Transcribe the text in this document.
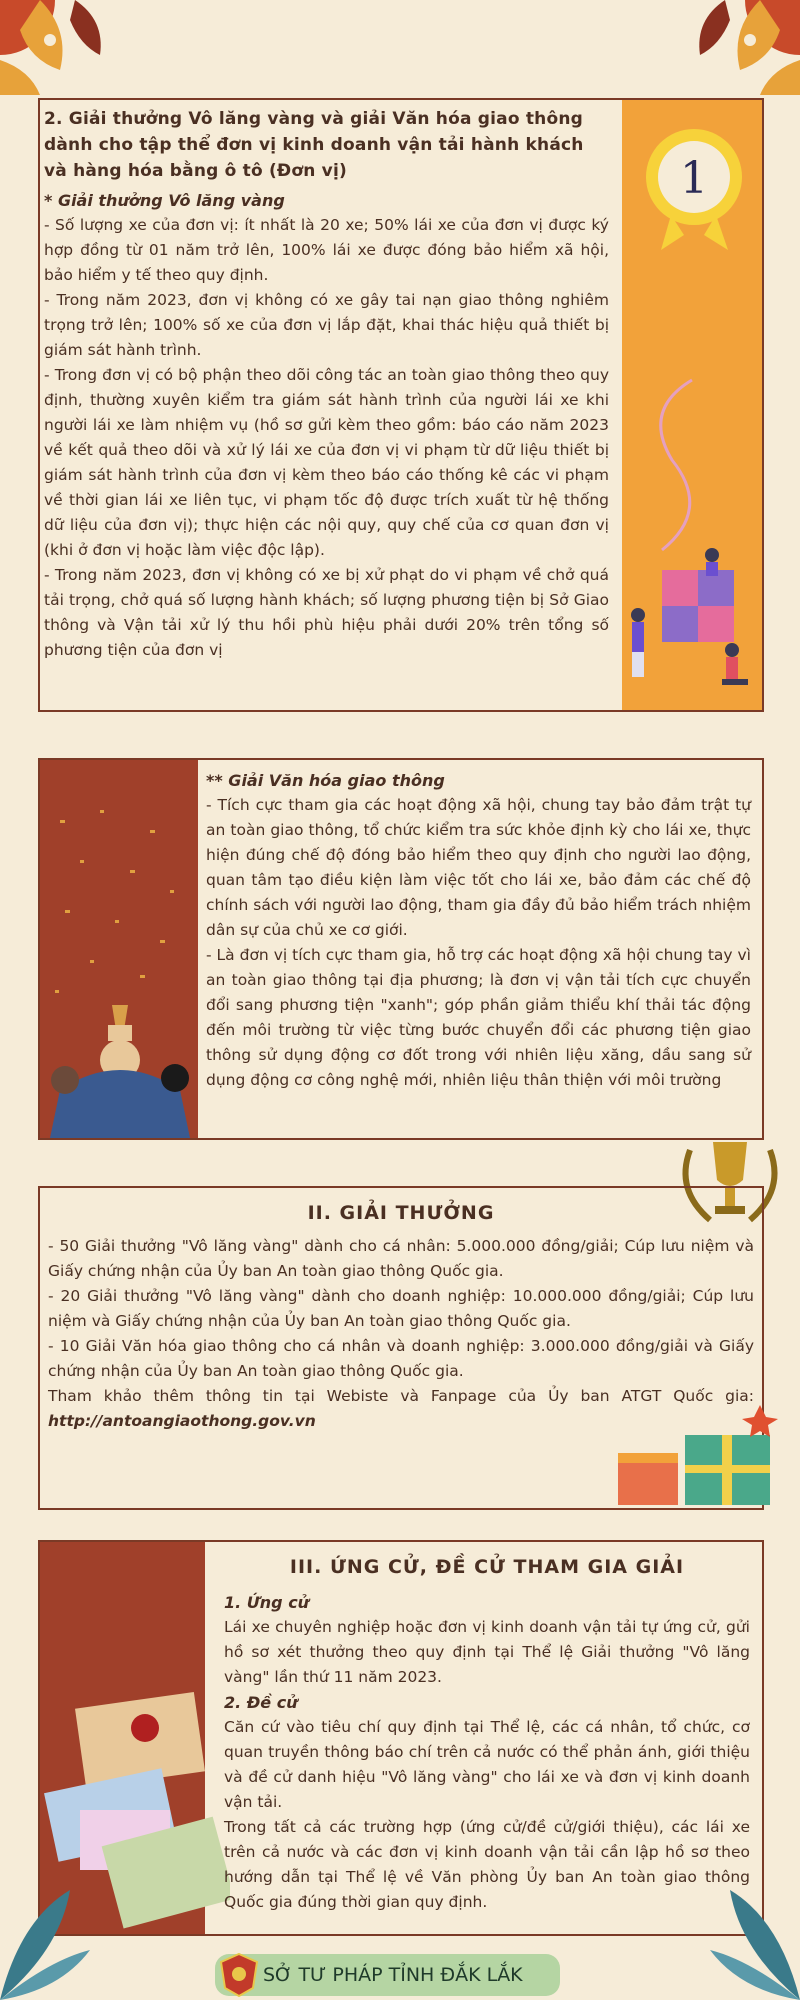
1
2. Giải thưởng Vô lăng vàng và giải Văn hóa giao thông dành cho tập thể đơn vị kinh doanh vận tải hành khách và hàng hóa bằng ô tô (Đơn vị)

* Giải thưởng Vô lăng vàng

- Số lượng xe của đơn vị: ít nhất là 20 xe; 50% lái xe của đơn vị được ký hợp đồng từ 01 năm trở lên, 100% lái xe được đóng bảo hiểm xã hội, bảo hiểm y tế theo quy định.

- Trong năm 2023, đơn vị không có xe gây tai nạn giao thông nghiêm trọng trở lên; 100% số xe của đơn vị lắp đặt, khai thác hiệu quả thiết bị giám sát hành trình.

- Trong đơn vị có bộ phận theo dõi công tác an toàn giao thông theo quy định, thường xuyên kiểm tra giám sát hành trình của người lái xe khi người lái xe làm nhiệm vụ (hồ sơ gửi kèm theo gồm: báo cáo năm 2023 về kết quả theo dõi và xử lý lái xe của đơn vị vi phạm từ dữ liệu thiết bị giám sát hành trình của đơn vị kèm theo báo cáo thống kê các vi phạm về thời gian lái xe liên tục, vi phạm tốc độ được trích xuất từ hệ thống dữ liệu của đơn vị); thực hiện các nội quy, quy chế của cơ quan đơn vị (khi ở đơn vị hoặc làm việc độc lập).

- Trong năm 2023, đơn vị không có xe bị xử phạt do vi phạm về chở quá tải trọng, chở quá số lượng hành khách; số lượng phương tiện bị Sở Giao thông và Vận tải xử lý thu hồi phù hiệu phải dưới 20% trên tổng số phương tiện của đơn vị

** Giải Văn hóa giao thông

- Tích cực tham gia các hoạt động xã hội, chung tay bảo đảm trật tự an toàn giao thông, tổ chức kiểm tra sức khỏe định kỳ cho lái xe, thực hiện đúng chế độ đóng bảo hiểm theo quy định cho người lao động, quan tâm tạo điều kiện làm việc tốt cho lái xe, bảo đảm các chế độ chính sách với người lao động, tham gia đầy đủ bảo hiểm trách nhiệm dân sự của chủ xe cơ giới.

- Là đơn vị tích cực tham gia, hỗ trợ các hoạt động xã hội chung tay vì an toàn giao thông tại địa phương; là đơn vị vận tải tích cực chuyển đổi sang phương tiện "xanh"; góp phần giảm thiểu khí thải tác động đến môi trường từ việc từng bước chuyển đổi các phương tiện giao thông sử dụng động cơ đốt trong với nhiên liệu xăng, dầu sang sử dụng động cơ công nghệ mới, nhiên liệu thân thiện với môi trường

II. GIẢI THƯỞNG

- 50 Giải thưởng "Vô lăng vàng" dành cho cá nhân: 5.000.000 đồng/giải; Cúp lưu niệm và Giấy chứng nhận của Ủy ban An toàn giao thông Quốc gia.

- 20 Giải thưởng "Vô lăng vàng" dành cho doanh nghiệp: 10.000.000 đồng/giải; Cúp lưu niệm và Giấy chứng nhận của Ủy ban An toàn giao thông Quốc gia.

- 10 Giải Văn hóa giao thông cho cá nhân và doanh nghiệp: 3.000.000 đồng/giải và Giấy chứng nhận của Ủy ban An toàn giao thông Quốc gia.

Tham khảo thêm thông tin tại Webiste và Fanpage của Ủy ban ATGT Quốc gia: http://antoangiaothong.gov.vn

III. ỨNG CỬ, ĐỀ CỬ THAM GIA GIẢI

1. Ứng cử

Lái xe chuyên nghiệp hoặc đơn vị kinh doanh vận tải tự ứng cử, gửi hồ sơ xét thưởng theo quy định tại Thể lệ Giải thưởng "Vô lăng vàng" lần thứ 11 năm 2023.

2. Đề cử

Căn cứ vào tiêu chí quy định tại Thể lệ, các cá nhân, tổ chức, cơ quan truyền thông báo chí trên cả nước có thể phản ánh, giới thiệu và đề cử danh hiệu "Vô lăng vàng" cho lái xe và đơn vị kinh doanh vận tải.

Trong tất cả các trường hợp (ứng cử/đề cử/giới thiệu), các lái xe trên cả nước và các đơn vị kinh doanh vận tải cần lập hồ sơ theo hướng dẫn tại Thể lệ về Văn phòng Ủy ban An toàn giao thông Quốc gia đúng thời gian quy định.

SỞ TƯ PHÁP TỈNH ĐẮK LẮK
